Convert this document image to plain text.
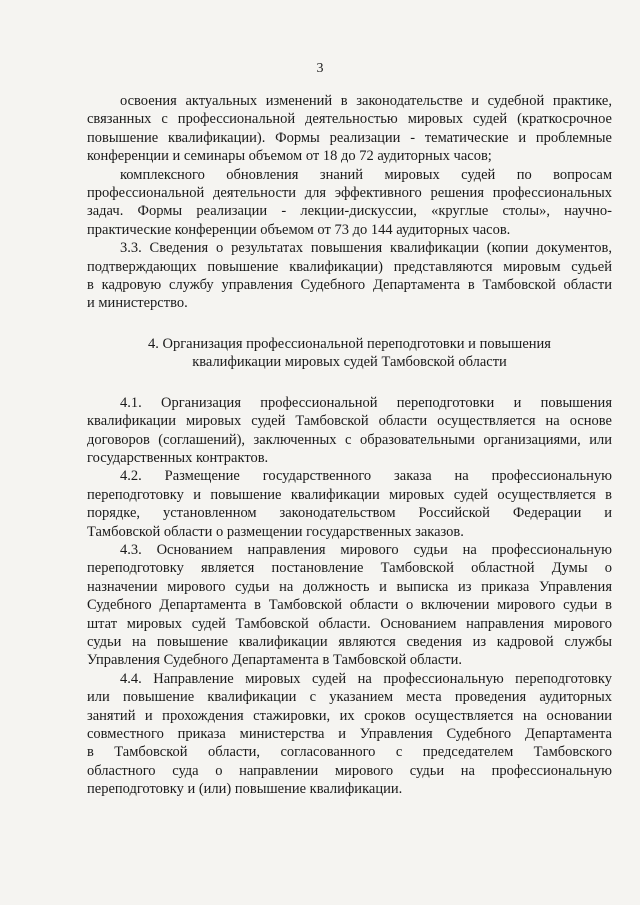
3
освоения актуальных изменений в законодательстве и судебной практике,
связанных с профессиональной деятельностью мировых судей (краткосрочное
повышение квалификации). Формы реализации - тематические и проблемные
конференции и семинары объемом от 18 до 72 аудиторных часов;
комплексного обновления знаний мировых судей по вопросам
профессиональной деятельности для эффективного решения профессиональных
задач. Формы реализации - лекции-дискуссии, «круглые столы», научно-
практические конференции объемом от 73 до 144 аудиторных часов.
3.3. Сведения о результатах повышения квалификации (копии документов,
подтверждающих повышение квалификации) представляются мировым судьей
в кадровую службу управления Судебного Департамента в Тамбовской области
и министерство.
4. Организация профессиональной переподготовки и повышения
квалификации мировых судей Тамбовской области
4.1. Организация профессиональной переподготовки и повышения
квалификации мировых судей Тамбовской области осуществляется на основе
договоров (соглашений), заключенных с образовательными организациями, или
государственных контрактов.
4.2. Размещение государственного заказа на профессиональную
переподготовку и повышение квалификации мировых судей осуществляется в
порядке, установленном законодательством Российской Федерации и
Тамбовской области о размещении государственных заказов.
4.3. Основанием направления мирового судьи на профессиональную
переподготовку является постановление Тамбовской областной Думы о
назначении мирового судьи на должность и выписка из приказа Управления
Судебного Департамента в Тамбовской области о включении мирового судьи в
штат мировых судей Тамбовской области. Основанием направления мирового
судьи на повышение квалификации являются сведения из кадровой службы
Управления Судебного Департамента в Тамбовской области.
4.4. Направление мировых судей на профессиональную переподготовку
или повышение квалификации с указанием места проведения аудиторных
занятий и прохождения стажировки, их сроков осуществляется на основании
совместного приказа министерства и Управления Судебного Департамента
в Тамбовской области, согласованного с председателем Тамбовского
областного суда о направлении мирового судьи на профессиональную
переподготовку и (или) повышение квалификации.
